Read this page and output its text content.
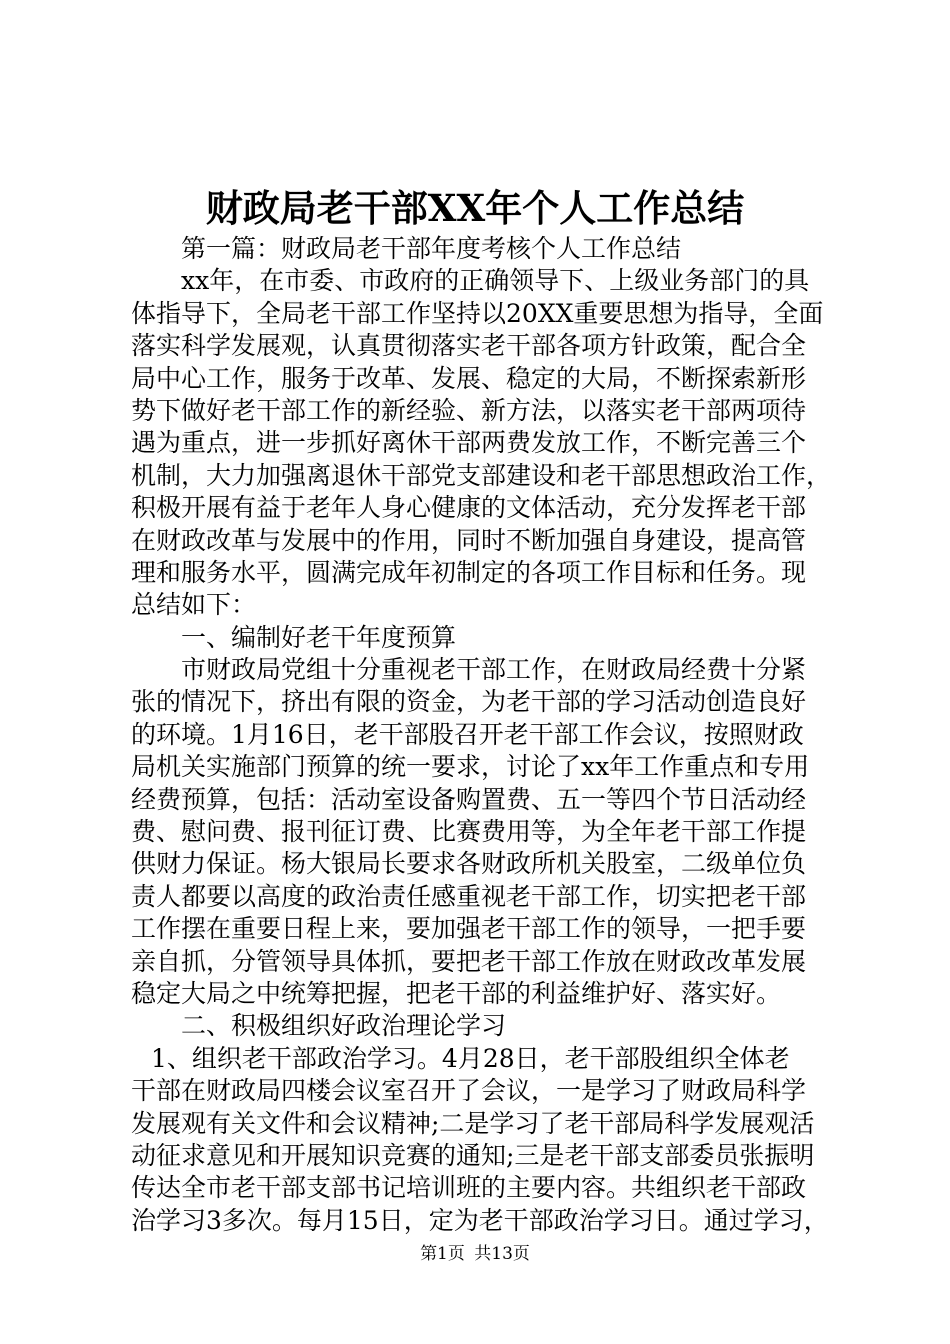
财政局老干部XX年个人工作总结
第一篇：财政局老干部年度考核个人工作总结
xx年，在市委、市政府的正确领导下、上级业务部门的具
体指导下，全局老干部工作坚持以20XX重要思想为指导，全面
落实科学发展观，认真贯彻落实老干部各项方针政策，配合全
局中心工作，服务于改革、发展、稳定的大局，不断探索新形
势下做好老干部工作的新经验、新方法，以落实老干部两项待
遇为重点，进一步抓好离休干部两费发放工作，不断完善三个
机制，大力加强离退休干部党支部建设和老干部思想政治工作，
积极开展有益于老年人身心健康的文体活动，充分发挥老干部
在财政改革与发展中的作用，同时不断加强自身建设，提高管
理和服务水平，圆满完成年初制定的各项工作目标和任务。现
总结如下：
一、编制好老干年度预算
市财政局党组十分重视老干部工作，在财政局经费十分紧
张的情况下，挤出有限的资金，为老干部的学习活动创造良好
的环境。1月16日，老干部股召开老干部工作会议，按照财政
局机关实施部门预算的统一要求，讨论了xx年工作重点和专用
经费预算，包括：活动室设备购置费、五一等四个节日活动经
费、慰问费、报刊征订费、比赛费用等，为全年老干部工作提
供财力保证。杨大银局长要求各财政所机关股室，二级单位负
责人都要以高度的政治责任感重视老干部工作，切实把老干部
工作摆在重要日程上来，要加强老干部工作的领导，一把手要
亲自抓，分管领导具体抓，要把老干部工作放在财政改革发展
稳定大局之中统筹把握，把老干部的利益维护好、落实好。
二、积极组织好政治理论学习
1、组织老干部政治学习。4月28日，老干部股组织全体老
干部在财政局四楼会议室召开了会议，一是学习了财政局科学
发展观有关文件和会议精神;二是学习了老干部局科学发展观活
动征求意见和开展知识竞赛的通知;三是老干部支部委员张振明
传达全市老干部支部书记培训班的主要内容。共组织老干部政
治学习3多次。每月15日，定为老干部政治学习日。通过学习，
第1页 共13页
